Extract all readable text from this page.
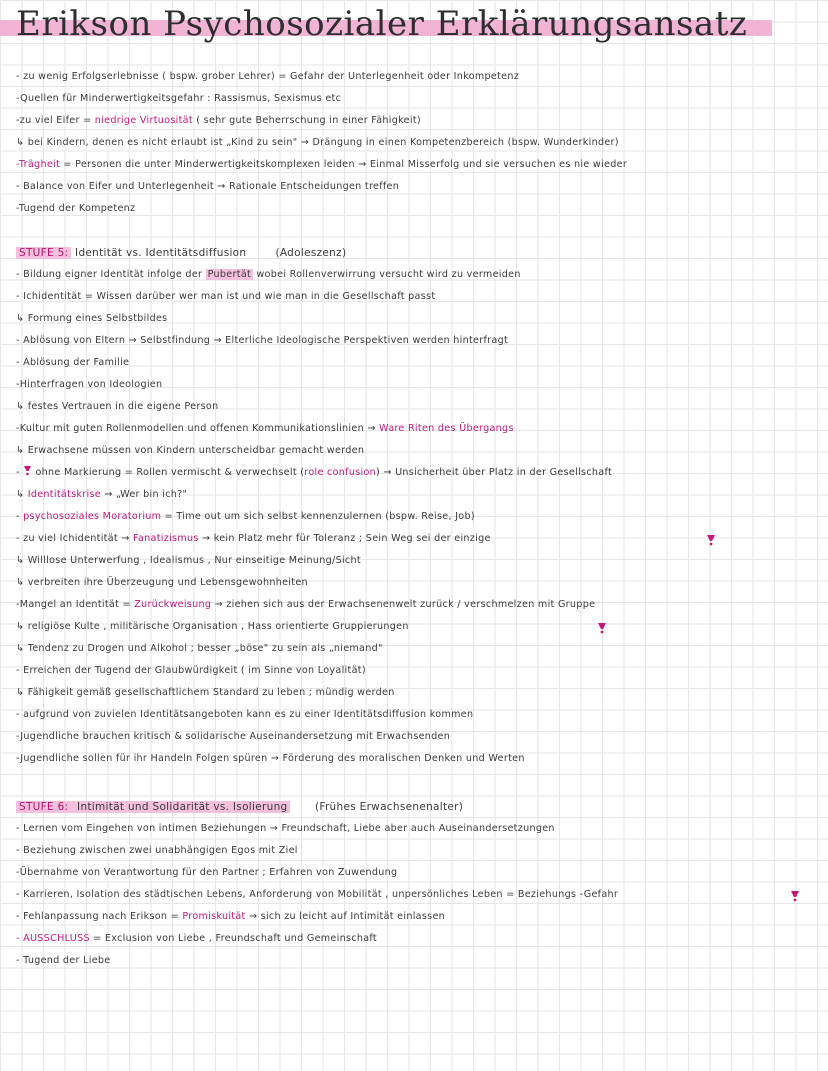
Erikson Psychosozialer Erklärungsansatz
- zu wenig Erfolgserlebnisse ( bspw. grober Lehrer) = Gefahr der Unterlegenheit oder Inkompetenz
-Quellen für Minderwertigkeitsgefahr : Rassismus, Sexismus etc
-zu viel Eifer = niedrige Virtuosität ( sehr gute Beherrschung in einer Fähigkeit)
↳ bei Kindern, denen es nicht erlaubt ist „Kind zu sein" → Drängung in einen Kompetenzbereich (bspw. Wunderkinder)
-Trägheit = Personen die unter Minderwertigkeitskomplexen leiden → Einmal Misserfolg und sie versuchen es nie wieder
- Balance von Eifer und Unterlegenheit → Rationale Entscheidungen treffen
-Tugend der Kompetenz
STUFE 5: Identität vs. Identitätsdiffusion	(Adoleszenz)
- Bildung eigner Identität infolge der Pubertät wobei Rollenverwirrung versucht wird zu vermeiden
- Ichidentität = Wissen darüber wer man ist und wie man in die Gesellschaft passt
↳ Formung eines Selbstbildes
- Ablösung von Eltern → Selbstfindung → Elterliche Ideologische Perspektiven werden hinterfragt
- Ablösung der Familie
-Hinterfragen von Ideologien
↳ festes Vertrauen in die eigene Person
-Kultur mit guten Rollenmodellen und offenen Kommunikationslinien → Ware Riten des Übergangs
↳ Erwachsene müssen von Kindern unterscheidbar gemacht werden
-  ohne Markierung = Rollen vermischt & verwechselt (role confusion) → Unsicherheit über Platz in der Gesellschaft
↳ Identitätskrise → „Wer bin ich?"
- psychosoziales Moratorium = Time out um sich selbst kennenzulernen (bspw. Reise, Job)
- zu viel Ichidentität → Fanatizismus → kein Platz mehr für Toleranz ; Sein Weg sei der einzige
↳ Willlose Unterwerfung , Idealismus , Nur einseitige Meinung/Sicht
↳ verbreiten ihre Überzeugung und Lebensgewohnheiten
-Mangel an Identität = Zurückweisung → ziehen sich aus der Erwachsenenwelt zurück / verschmelzen mit Gruppe
↳ religiöse Kulte , militärische Organisation , Hass orientierte Gruppierungen
↳ Tendenz zu Drogen und Alkohol ; besser „böse" zu sein als „niemand"
- Erreichen der Tugend der Glaubwürdigkeit ( im Sinne von Loyalität)
↳ Fähigkeit gemäß gesellschaftlichem Standard zu leben ; mündig werden
- aufgrund von zuvielen Identitätsangeboten kann es zu einer Identitätsdiffusion kommen
-Jugendliche brauchen kritisch & solidarische Auseinandersetzung mit Erwachsenden
-Jugendliche sollen für ihr Handeln Folgen spüren → Förderung des moralischen Denken und Werten
STUFE 6: Intimität und Solidarität vs. Isolierung	(Frühes Erwachsenenalter)
- Lernen vom Eingehen von intimen Beziehungen → Freundschaft, Liebe aber auch Auseinandersetzungen
- Beziehung zwischen zwei unabhängigen Egos mit Ziel
-Übernahme von Verantwortung für den Partner ; Erfahren von Zuwendung
- Karrieren, Isolation des städtischen Lebens, Anforderung von Mobilität , unpersönliches Leben = Beziehungs -Gefahr
- Fehlanpassung nach Erikson = Promiskuität → sich zu leicht auf Intimität einlassen
- AUSSCHLUSS = Exclusion von Liebe , Freundschaft und Gemeinschaft
- Tugend der Liebe
